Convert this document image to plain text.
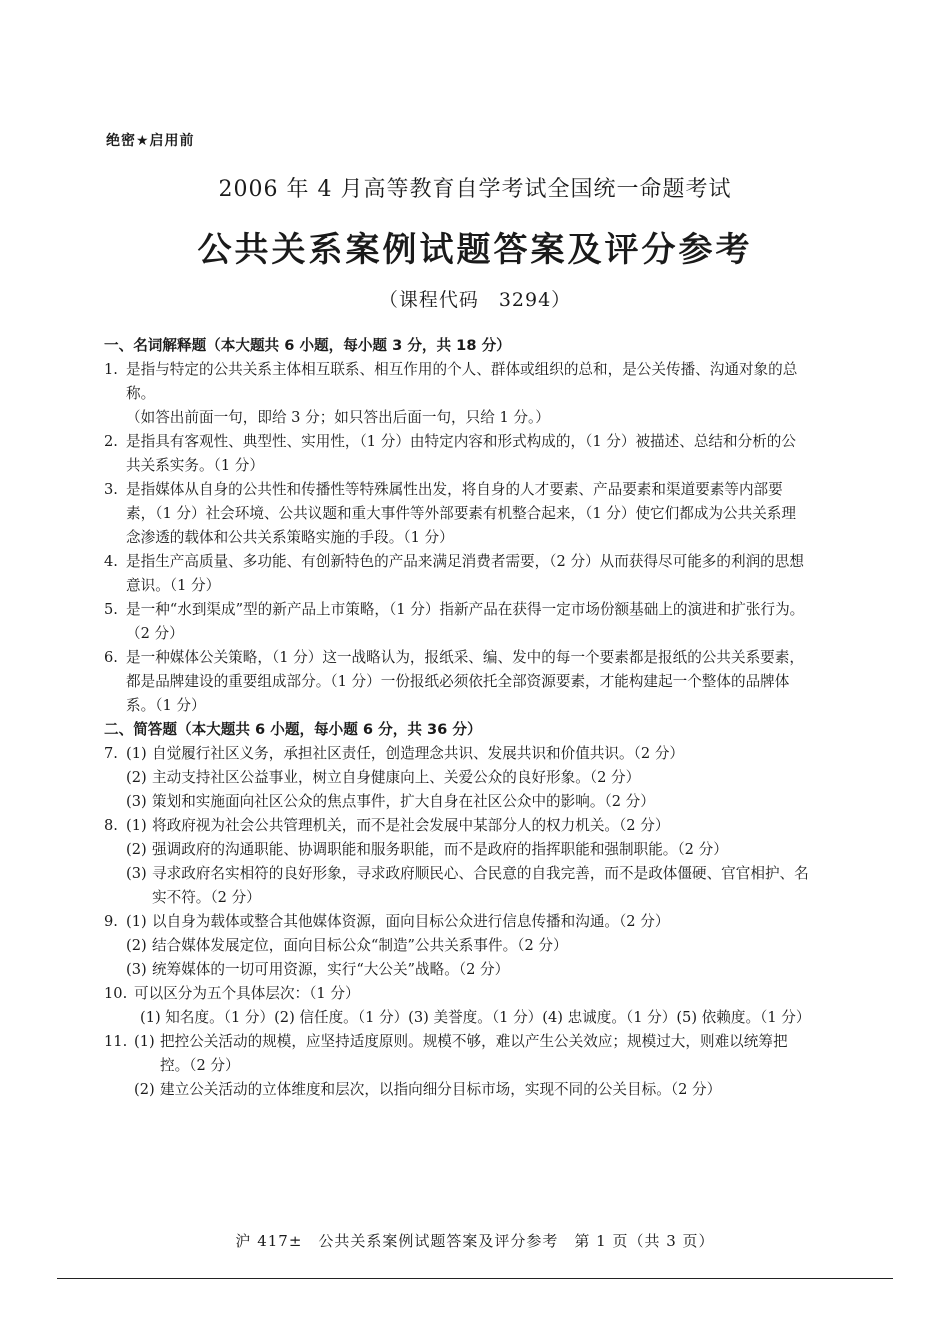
绝密★启用前
2006 年 4 月高等教育自学考试全国统一命题考试
公共关系案例试题答案及评分参考
（课程代码　3294）
一、名词解释题（本大题共 6 小题，每小题 3 分，共 18 分）
1. 是指与特定的公共关系主体相互联系、相互作用的个人、群体或组织的总和，是公关传播、沟通对象的总称。
（如答出前面一句，即给 3 分；如只答出后面一句，只给 1 分。）
2. 是指具有客观性、典型性、实用性，（1 分）由特定内容和形式构成的，（1 分）被描述、总结和分析的公共关系实务。（1 分）
3. 是指媒体从自身的公共性和传播性等特殊属性出发，将自身的人才要素、产品要素和渠道要素等内部要素，（1 分）社会环境、公共议题和重大事件等外部要素有机整合起来，（1 分）使它们都成为公共关系理念渗透的载体和公共关系策略实施的手段。（1 分）
4. 是指生产高质量、多功能、有创新特色的产品来满足消费者需要，（2 分）从而获得尽可能多的利润的思想意识。（1 分）
5. 是一种“水到渠成”型的新产品上市策略，（1 分）指新产品在获得一定市场份额基础上的演进和扩张行为。（2 分）
6. 是一种媒体公关策略，（1 分）这一战略认为，报纸采、编、发中的每一个要素都是报纸的公共关系要素，都是品牌建设的重要组成部分。（1 分）一份报纸必须依托全部资源要素，才能构建起一个整体的品牌体系。（1 分）
二、简答题（本大题共 6 小题，每小题 6 分，共 36 分）
7. (1) 自觉履行社区义务，承担社区责任，创造理念共识、发展共识和价值共识。（2 分）
(2) 主动支持社区公益事业，树立自身健康向上、关爱公众的良好形象。（2 分）
(3) 策划和实施面向社区公众的焦点事件，扩大自身在社区公众中的影响。（2 分）
8. (1) 将政府视为社会公共管理机关，而不是社会发展中某部分人的权力机关。（2 分）
(2) 强调政府的沟通职能、协调职能和服务职能，而不是政府的指挥职能和强制职能。（2 分）
(3) 寻求政府名实相符的良好形象，寻求政府顺民心、合民意的自我完善，而不是政体僵硬、官官相护、名实不符。（2 分）
9. (1) 以自身为载体或整合其他媒体资源，面向目标公众进行信息传播和沟通。（2 分）
(2) 结合媒体发展定位，面向目标公众“制造”公共关系事件。（2 分）
(3) 统筹媒体的一切可用资源，实行“大公关”战略。（2 分）
10. 可以区分为五个具体层次：（1 分）
(1) 知名度。（1 分）(2) 信任度。（1 分）(3) 美誉度。（1 分）(4) 忠诚度。（1 分）(5) 依赖度。（1 分）
11. (1) 把控公关活动的规模，应坚持适度原则。规模不够，难以产生公关效应；规模过大，则难以统筹把控。（2 分）
(2) 建立公关活动的立体维度和层次，以指向细分目标市场，实现不同的公关目标。（2 分）
沪 417±　公共关系案例试题答案及评分参考　第 1 页（共 3 页）
